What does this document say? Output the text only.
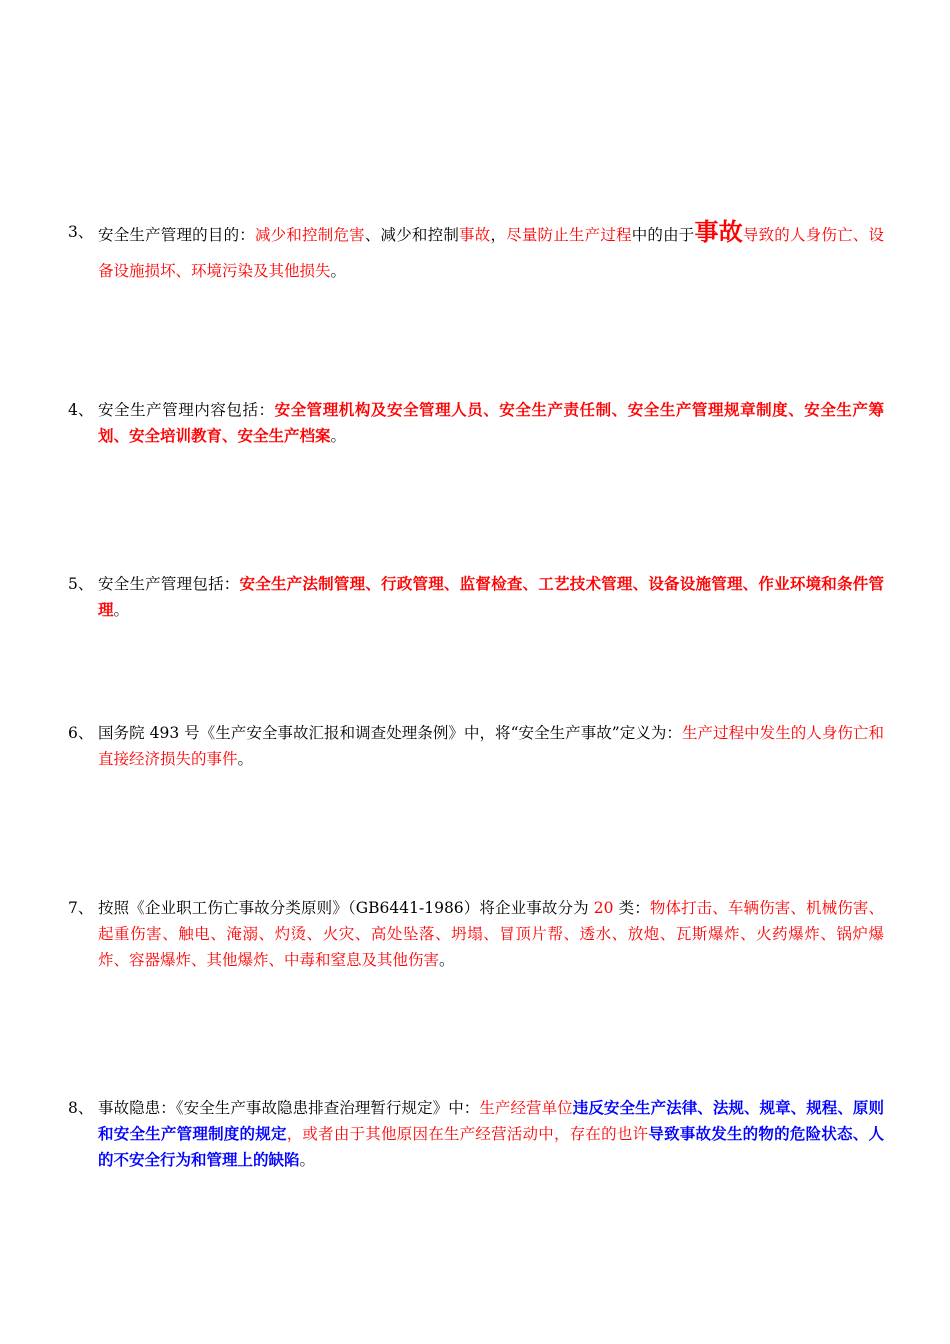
3、 安全生产管理的目的：减少和控制危害、减少和控制事故，尽量防止生产过程中的由于事故导致的人身伤亡、设备设施损坏、环境污染及其他损失。
4、 安全生产管理内容包括：安全管理机构及安全管理人员、安全生产责任制、安全生产管理规章制度、安全生产筹划、安全培训教育、安全生产档案。
5、 安全生产管理包括：安全生产法制管理、行政管理、监督检查、工艺技术管理、设备设施管理、作业环境和条件管理。
6、 国务院 493 号《生产安全事故汇报和调查处理条例》中，将“安全生产事故”定义为：生产过程中发生的人身伤亡和直接经济损失的事件。
7、 按照《企业职工伤亡事故分类原则》（GB6441-1986）将企业事故分为 20 类：物体打击、车辆伤害、机械伤害、起重伤害、触电、淹溺、灼烫、火灾、高处坠落、坍塌、冒顶片帮、透水、放炮、瓦斯爆炸、火药爆炸、锅炉爆炸、容器爆炸、其他爆炸、中毒和窒息及其他伤害。
8、 事故隐患：《安全生产事故隐患排查治理暂行规定》中：生产经营单位违反安全生产法律、法规、规章、规程、原则和安全生产管理制度的规定，或者由于其他原因在生产经营活动中，存在的也许导致事故发生的物的危险状态、人的不安全行为和管理上的缺陷。
